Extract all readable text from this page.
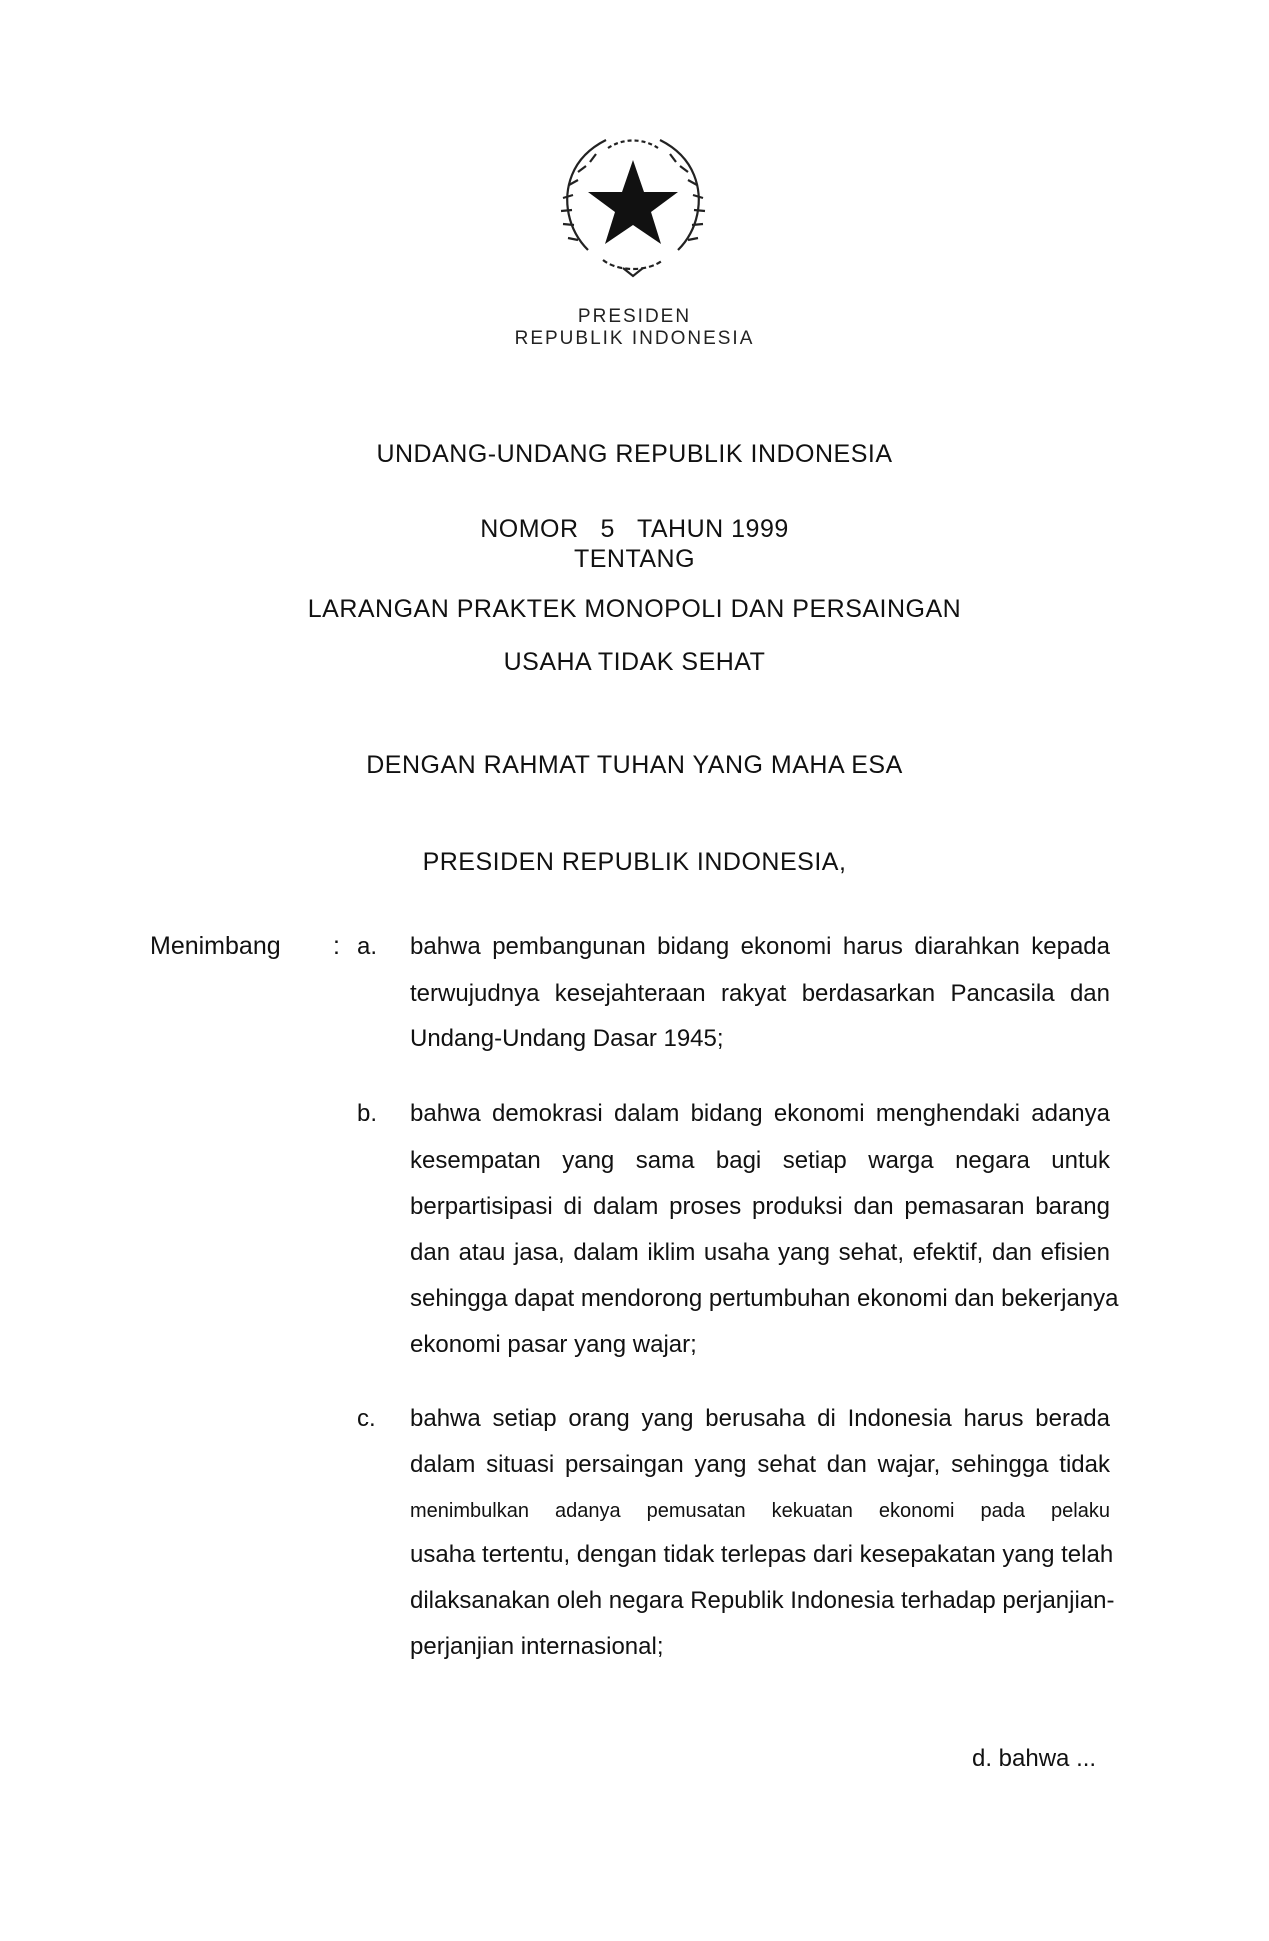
PRESIDEN
REPUBLIK INDONESIA
UNDANG-UNDANG REPUBLIK INDONESIA
NOMOR 5 TAHUN 1999
TENTANG
LARANGAN PRAKTEK MONOPOLI DAN PERSAINGAN
USAHA TIDAK SEHAT
DENGAN RAHMAT TUHAN YANG MAHA ESA
PRESIDEN REPUBLIK INDONESIA,
Menimbang : a. bahwa pembangunan bidang ekonomi harus diarahkan kepada
terwujudnya kesejahteraan rakyat berdasarkan Pancasila dan
Undang-Undang Dasar 1945;
b. bahwa demokrasi dalam bidang ekonomi menghendaki adanya
kesempatan yang sama bagi setiap warga negara untuk
berpartisipasi di dalam proses produksi dan pemasaran barang
dan atau jasa, dalam iklim usaha yang sehat, efektif, dan efisien
sehingga dapat mendorong pertumbuhan ekonomi dan bekerjanya
ekonomi pasar yang wajar;
c. bahwa setiap orang yang berusaha di Indonesia harus berada
dalam situasi persaingan yang sehat dan wajar, sehingga tidak
menimbulkan adanya pemusatan kekuatan ekonomi pada pelaku
usaha tertentu, dengan tidak terlepas dari kesepakatan yang telah
dilaksanakan oleh negara Republik Indonesia terhadap perjanjian-
perjanjian internasional;
d. bahwa ...
